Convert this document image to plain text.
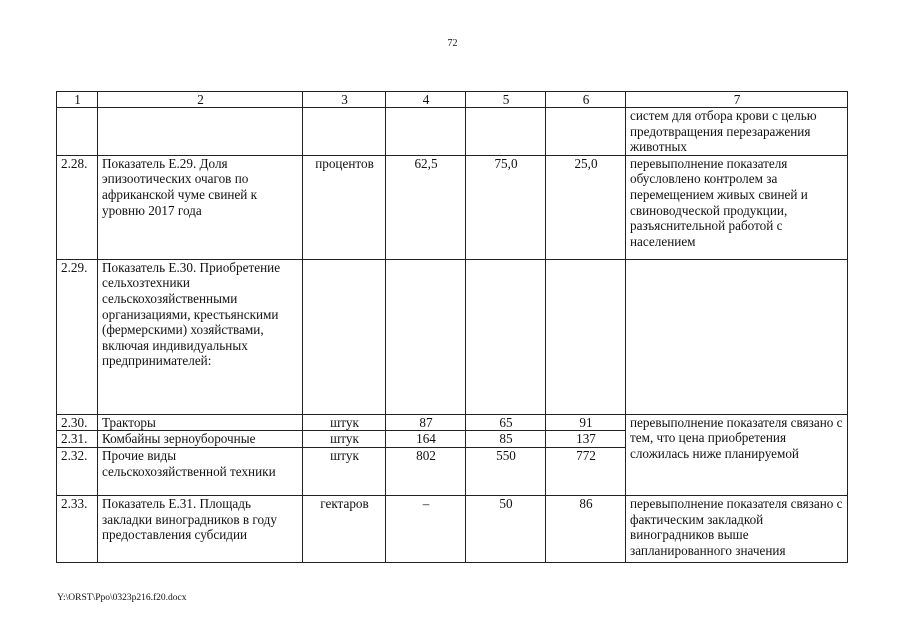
72
1	2	3	4	5	6	7
						систем для отбора крови с целью предотвращения перезаражения животных
2.28.	Показатель Е.29. Доля эпизоотических очагов по африканской чуме свиней к уровню 2017 года	процентов	62,5	75,0	25,0	перевыполнение показателя обусловлено контролем за перемещением живых свиней и свиноводческой продукции, разъяснительной работой с населением
2.29.	Показатель Е.30. Приобретение сельхозтехники сельскохозяйственными организациями, крестьянскими (фермерскими) хозяйствами, включая индивидуальных предпринимателей:					
2.30.	Тракторы	штук	87	65	91	перевыполнение показателя связано с тем, что цена приобретения сложилась ниже планируемой
2.31.	Комбайны зерноуборочные	штук	164	85	137	
2.32.	Прочие виды сельскохозяйственной техники	штук	802	550	772	
2.33.	Показатель Е.31. Площадь закладки виноградников в году предоставления субсидии	гектаров	–	50	86	перевыполнение показателя связано с фактическим закладкой виноградников выше запланированного значения
Y:\ORST\Ppo\0323p216.f20.docx
